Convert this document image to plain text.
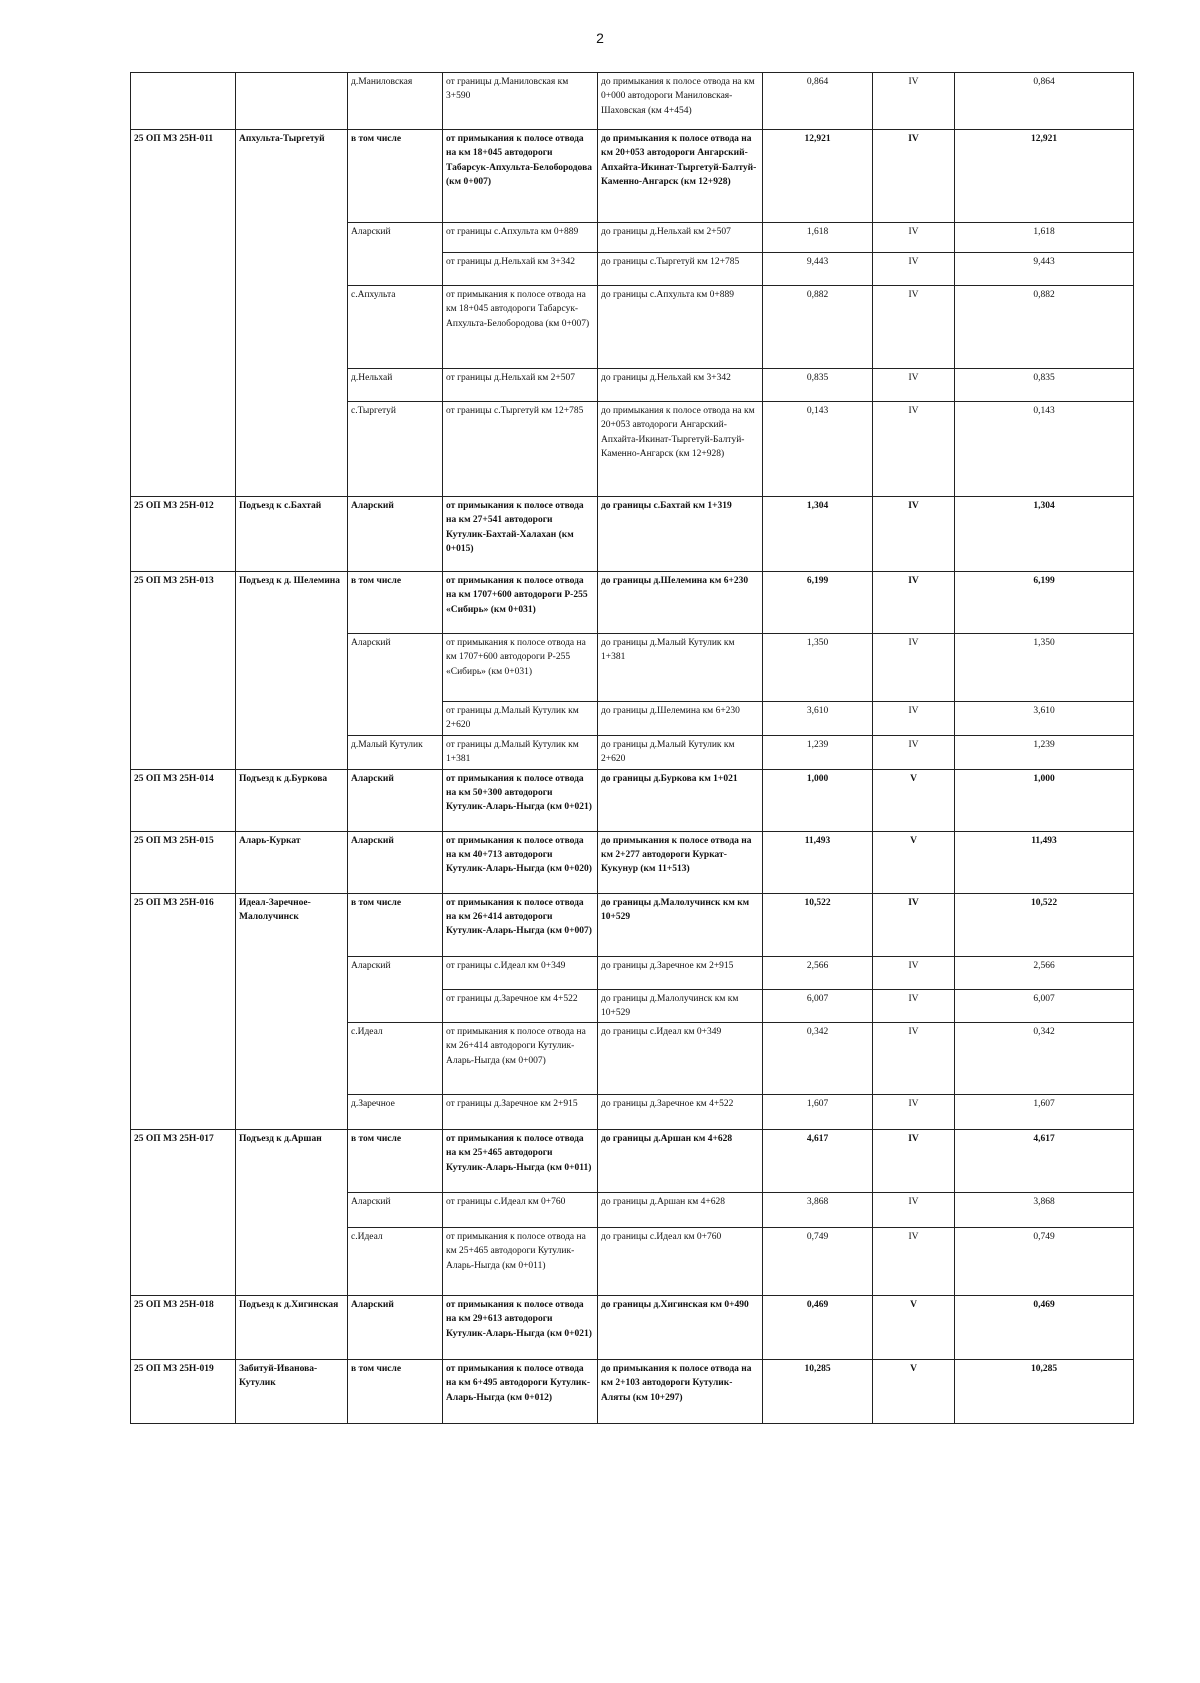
2
		д.Маниловская	от границы д.Маниловская км 3+590	до примыкания к полосе отвода на км 0+000 автодороги Маниловская-Шаховская (км 4+454)	0,864	IV	0,864
25 ОП МЗ 25Н-011	Апхульта-Тыргетуй	в том числе	от примыкания к полосе отвода на км 18+045 автодороги Табарсук-Апхульта-Белобородова (км 0+007)	до примыкания к полосе отвода на км 20+053 автодороги Ангарский-Апхайта-Икинат-Тыргетуй-Балтуй-Каменно-Ангарск (км 12+928)	12,921	IV	12,921
		Аларский	от границы с.Апхульта км 0+889	до границы д.Нельхай км 2+507	1,618	IV	1,618
			от границы д.Нельхай км 3+342	до границы с.Тыргетуй км 12+785	9,443	IV	9,443
		с.Апхульта	от примыкания к полосе отвода на км 18+045 автодороги Табарсук-Апхульта-Белобородова (км 0+007)	до границы с.Апхульта км 0+889	0,882	IV	0,882
		д.Нельхай	от границы д.Нельхай км 2+507	до границы д.Нельхай км 3+342	0,835	IV	0,835
		с.Тыргетуй	от границы с.Тыргетуй км 12+785	до примыкания к полосе отвода на км 20+053 автодороги Ангарский-Апхайта-Икинат-Тыргетуй-Балтуй-Каменно-Ангарск (км 12+928)	0,143	IV	0,143
25 ОП МЗ 25Н-012	Подъезд к с.Бахтай	Аларский	от примыкания к полосе отвода на км 27+541 автодороги Кутулик-Бахтай-Халахан (км 0+015)	до границы с.Бахтай км 1+319	1,304	IV	1,304
25 ОП МЗ 25Н-013	Подъезд к д. Шелемина	в том числе	от примыкания к полосе отвода на км 1707+600 автодороги Р-255 «Сибирь» (км 0+031)	до границы д.Шелемина км 6+230	6,199	IV	6,199
		Аларский	от примыкания к полосе отвода на км 1707+600 автодороги Р-255 «Сибирь» (км 0+031)	до границы д.Малый Кутулик км 1+381	1,350	IV	1,350
			от границы д.Малый Кутулик км 2+620	до границы д.Шелемина км 6+230	3,610	IV	3,610
		д.Малый Кутулик	от границы д.Малый Кутулик км 1+381	до границы д.Малый Кутулик км 2+620	1,239	IV	1,239
25 ОП МЗ 25Н-014	Подъезд к д.Буркова	Аларский	от примыкания к полосе отвода на км 50+300 автодороги Кутулик-Аларь-Ныгда (км 0+021)	до границы д.Буркова км 1+021	1,000	V	1,000
25 ОП МЗ 25Н-015	Аларь-Куркат	Аларский	от примыкания к полосе отвода на км 40+713 автодороги Кутулик-Аларь-Ныгда (км 0+020)	до примыкания к полосе отвода на км 2+277 автодороги Куркат-Кукунур (км 11+513)	11,493	V	11,493
25 ОП МЗ 25Н-016	Идеал-Заречное-Малолучинск	в том числе	от примыкания к полосе отвода на км 26+414 автодороги Кутулик-Аларь-Ныгда (км 0+007)	до границы д.Малолучинск км км 10+529	10,522	IV	10,522
		Аларский	от границы с.Идеал км 0+349	до границы д.Заречное км 2+915	2,566	IV	2,566
			от границы д.Заречное км 4+522	до границы д.Малолучинск км км 10+529	6,007	IV	6,007
		с.Идеал	от примыкания к полосе отвода на км 26+414 автодороги Кутулик-Аларь-Ныгда (км 0+007)	до границы с.Идеал км 0+349	0,342	IV	0,342
		д.Заречное	от границы д.Заречное км 2+915	до границы д.Заречное км 4+522	1,607	IV	1,607
25 ОП МЗ 25Н-017	Подъезд к д.Аршан	в том числе	от примыкания к полосе отвода на км 25+465 автодороги Кутулик-Аларь-Ныгда (км 0+011)	до границы д.Аршан км 4+628	4,617	IV	4,617
		Аларский	от границы с.Идеал км 0+760	до границы д.Аршан км 4+628	3,868	IV	3,868
		с.Идеал	от примыкания к полосе отвода на км 25+465 автодороги Кутулик-Аларь-Ныгда (км 0+011)	до границы с.Идеал км 0+760	0,749	IV	0,749
25 ОП МЗ 25Н-018	Подъезд к д.Хигинская	Аларский	от примыкания к полосе отвода на км 29+613 автодороги Кутулик-Аларь-Ныгда (км 0+021)	до границы д.Хигинская км 0+490	0,469	V	0,469
25 ОП МЗ 25Н-019	Забитуй-Иванова-Кутулик	в том числе	от примыкания к полосе отвода на км 6+495 автодороги Кутулик-Аларь-Ныгда (км 0+012)	до примыкания к полосе отвода на км 2+103 автодороги Кутулик-Аляты (км 10+297)	10,285	V	10,285
